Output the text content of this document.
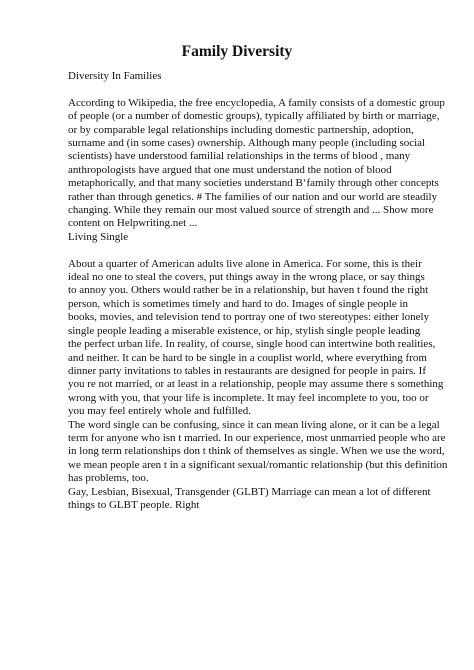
Family Diversity
Diversity In Families
According to Wikipedia, the free encyclopedia, A family consists of a domestic group
of people (or a number of domestic groups), typically affiliated by birth or marriage,
or by comparable legal relationships including domestic partnership, adoption,
surname and (in some cases) ownership. Although many people (including social
scientists) have understood familial relationships in the terms of blood , many
anthropologists have argued that one must understand the notion of blood
metaphorically, and that many societies understand B‘family through other concepts
rather than through genetics. # The families of our nation and our world are steadily
changing. While they remain our most valued source of strength and ... Show more
content on Helpwriting.net ...
Living Single
About a quarter of American adults live alone in America. For some, this is their
ideal no one to steal the covers, put things away in the wrong place, or say things
to annoy you. Others would rather be in a relationship, but haven t found the right
person, which is sometimes timely and hard to do. Images of single people in
books, movies, and television tend to portray one of two stereotypes: either lonely
single people leading a miserable existence, or hip, stylish single people leading
the perfect urban life. In reality, of course, single hood can intertwine both realities,
and neither. It can be hard to be single in a couplist world, where everything from
dinner party invitations to tables in restaurants are designed for people in pairs. If
you re not married, or at least in a relationship, people may assume there s something
wrong with you, that your life is incomplete. It may feel incomplete to you, too or
you may feel entirely whole and fulfilled.
The word single can be confusing, since it can mean living alone, or it can be a legal
term for anyone who isn t married. In our experience, most unmarried people who are
in long term relationships don t think of themselves as single. When we use the word,
we mean people aren t in a significant sexual/romantic relationship (but this definition
has problems, too.
Gay, Lesbian, Bisexual, Transgender (GLBT) Marriage can mean a lot of different
things to GLBT people. Right
